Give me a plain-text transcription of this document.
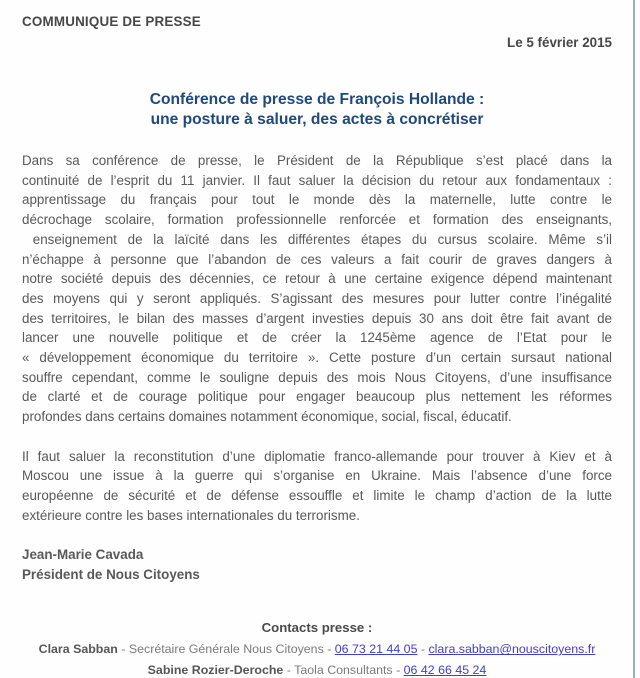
COMMUNIQUE DE PRESSE
Le 5 février 2015
Conférence de presse de François Hollande :
une posture à saluer, des actes à concrétiser
Dans sa conférence de presse, le Président de la République s’est placé dans la
continuité de l’esprit du 11 janvier. Il faut saluer la décision du retour aux fondamentaux :
apprentissage du français pour tout le monde dès la maternelle, lutte contre le
décrochage scolaire, formation professionnelle renforcée et formation des enseignants,
enseignement de la laïcité dans les différentes étapes du cursus scolaire. Même s’il
n’échappe à personne que l’abandon de ces valeurs a fait courir de graves dangers à
notre société depuis des décennies, ce retour à une certaine exigence dépend maintenant
des moyens qui y seront appliqués. S’agissant des mesures pour lutter contre l’inégalité
des territoires, le bilan des masses d’argent investies depuis 30 ans doit être fait avant de
lancer une nouvelle politique et de créer la 1245ème agence de l’Etat pour le
« développement économique du territoire ». Cette posture d’un certain sursaut national
souffre cependant, comme le souligne depuis des mois Nous Citoyens, d’une insuffisance
de clarté et de courage politique pour engager beaucoup plus nettement les réformes
profondes dans certains domaines notamment économique, social, fiscal, éducatif.
Il faut saluer la reconstitution d’une diplomatie franco-allemande pour trouver à Kiev et à
Moscou une issue à la guerre qui s’organise en Ukraine. Mais l’absence d’une force
européenne de sécurité et de défense essouffle et limite le champ d’action de la lutte
extérieure contre les bases internationales du terrorisme.
Jean-Marie Cavada
Président de Nous Citoyens
Contacts presse :
Clara Sabban - Secrétaire Générale Nous Citoyens - 06 73 21 44 05 - clara.sabban@nouscitoyens.fr
Sabine Rozier-Deroche - Taola Consultants - 06 42 66 45 24
